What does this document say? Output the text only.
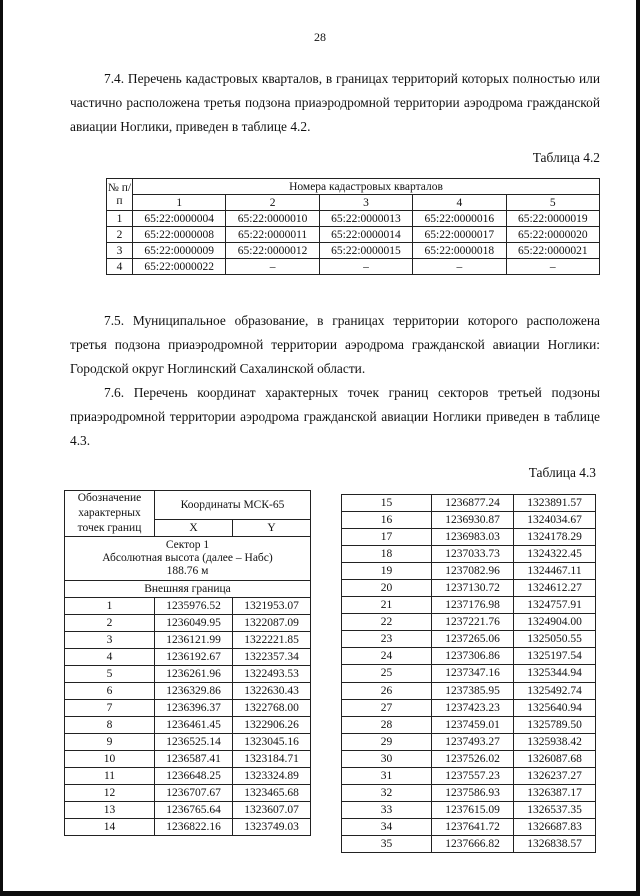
28

7.4. Перечень кадастровых кварталов, в границах территорий которых полностью или частично расположена третья подзона приаэродромной территории аэродрома гражданской авиации Ноглики, приведен в таблице 4.2.

Таблица 4.2
№ п/п	Номера кадастровых кварталов				
	1	2	3	4	5
1	65:22:0000004	65:22:0000010	65:22:0000013	65:22:0000016	65:22:0000019
2	65:22:0000008	65:22:0000011	65:22:0000014	65:22:0000017	65:22:0000020
3	65:22:0000009	65:22:0000012	65:22:0000015	65:22:0000018	65:22:0000021
4	65:22:0000022	–	–	–	–

7.5. Муниципальное образование, в границах территории которого расположена третья подзона приаэродромной территории аэродрома гражданской авиации Ноглики: Городской округ Ноглинский Сахалинской области.

7.6. Перечень координат характерных точек границ секторов третьей подзоны приаэродромной территории аэродрома гражданской авиации Ноглики приведен в таблице 4.3.

Таблица 4.3
Обозначение характерных точек границ	Координаты МСК-65	
	X	Y

Сектор 1
Абсолютная высота (далее – Набс)
188.76 м		

Внешняя граница		
1	1235976.52	1321953.07
2	1236049.95	1322087.09
3	1236121.99	1322221.85
4	1236192.67	1322357.34
5	1236261.96	1322493.53
6	1236329.86	1322630.43
7	1236396.37	1322768.00
8	1236461.45	1322906.26
9	1236525.14	1323045.16
10	1236587.41	1323184.71
11	1236648.25	1323324.89
12	1236707.67	1323465.68
13	1236765.64	1323607.07
14	1236822.16	1323749.03
15	1236877.24	1323891.57
16	1236930.87	1324034.67
17	1236983.03	1324178.29
18	1237033.73	1324322.45
19	1237082.96	1324467.11
20	1237130.72	1324612.27
21	1237176.98	1324757.91
22	1237221.76	1324904.00
23	1237265.06	1325050.55
24	1237306.86	1325197.54
25	1237347.16	1325344.94
26	1237385.95	1325492.74
27	1237423.23	1325640.94
28	1237459.01	1325789.50
29	1237493.27	1325938.42
30	1237526.02	1326087.68
31	1237557.23	1326237.27
32	1237586.93	1326387.17
33	1237615.09	1326537.35
34	1237641.72	1326687.83
35	1237666.82	1326838.57
